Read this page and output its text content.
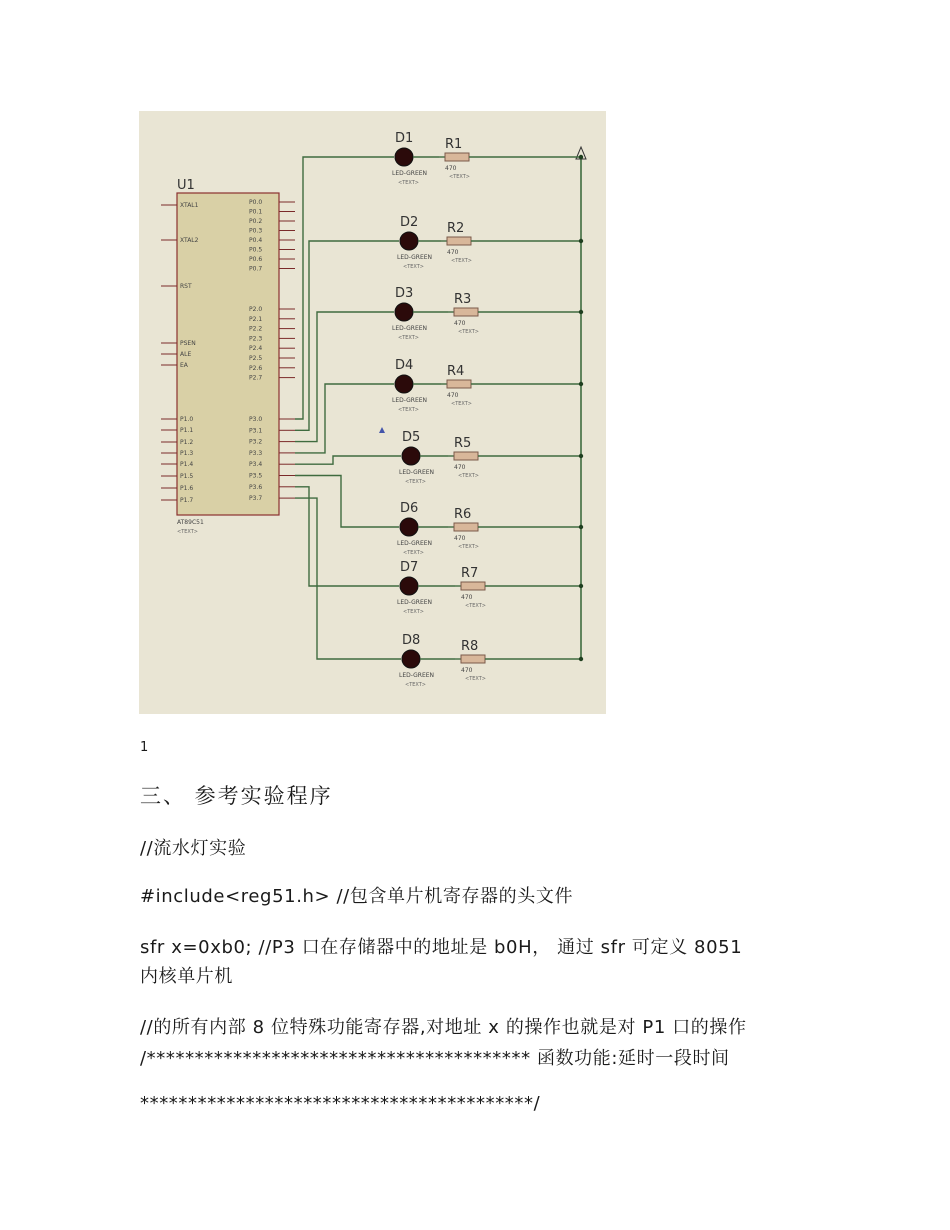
U1
AT89C51
<TEXT>
XTAL1
XTAL2
RST
PSEN
ALE
EA
P1.0
P1.1
P1.2
P1.3
P1.4
P1.5
P1.6
P1.7
P0.0
P0.1
P0.2
P0.3
P0.4
P0.5
P0.6
P0.7
P2.0
P2.1
P2.2
P2.3
P2.4
P2.5
P2.6
P2.7
P3.0
P3.1
P3.2
P3.3
P3.4
P3.5
P3.6
P3.7
D1
LED-GREEN
<TEXT>
R1
470
<TEXT>
D2
LED-GREEN
<TEXT>
R2
470
<TEXT>
D3
LED-GREEN
<TEXT>
R3
470
<TEXT>
D4
LED-GREEN
<TEXT>
R4
470
<TEXT>
D5
LED-GREEN
<TEXT>
R5
470
<TEXT>
D6
LED-GREEN
<TEXT>
R6
470
<TEXT>
D7
LED-GREEN
<TEXT>
R7
470
<TEXT>
D8
LED-GREEN
<TEXT>
R8
470
<TEXT>
1
三、 参考实验程序
//流水灯实验
#include<reg51.h> //包含单片机寄存器的头文件
sfr x=0xb0; //P3 口在存储器中的地址是 b0H， 通过 sfr 可定义 8051
内核单片机
//的所有内部 8 位特殊功能寄存器,对地址 x 的操作也就是对 P1 口的操作
/**************************************** 函数功能:延时一段时间
*****************************************/
